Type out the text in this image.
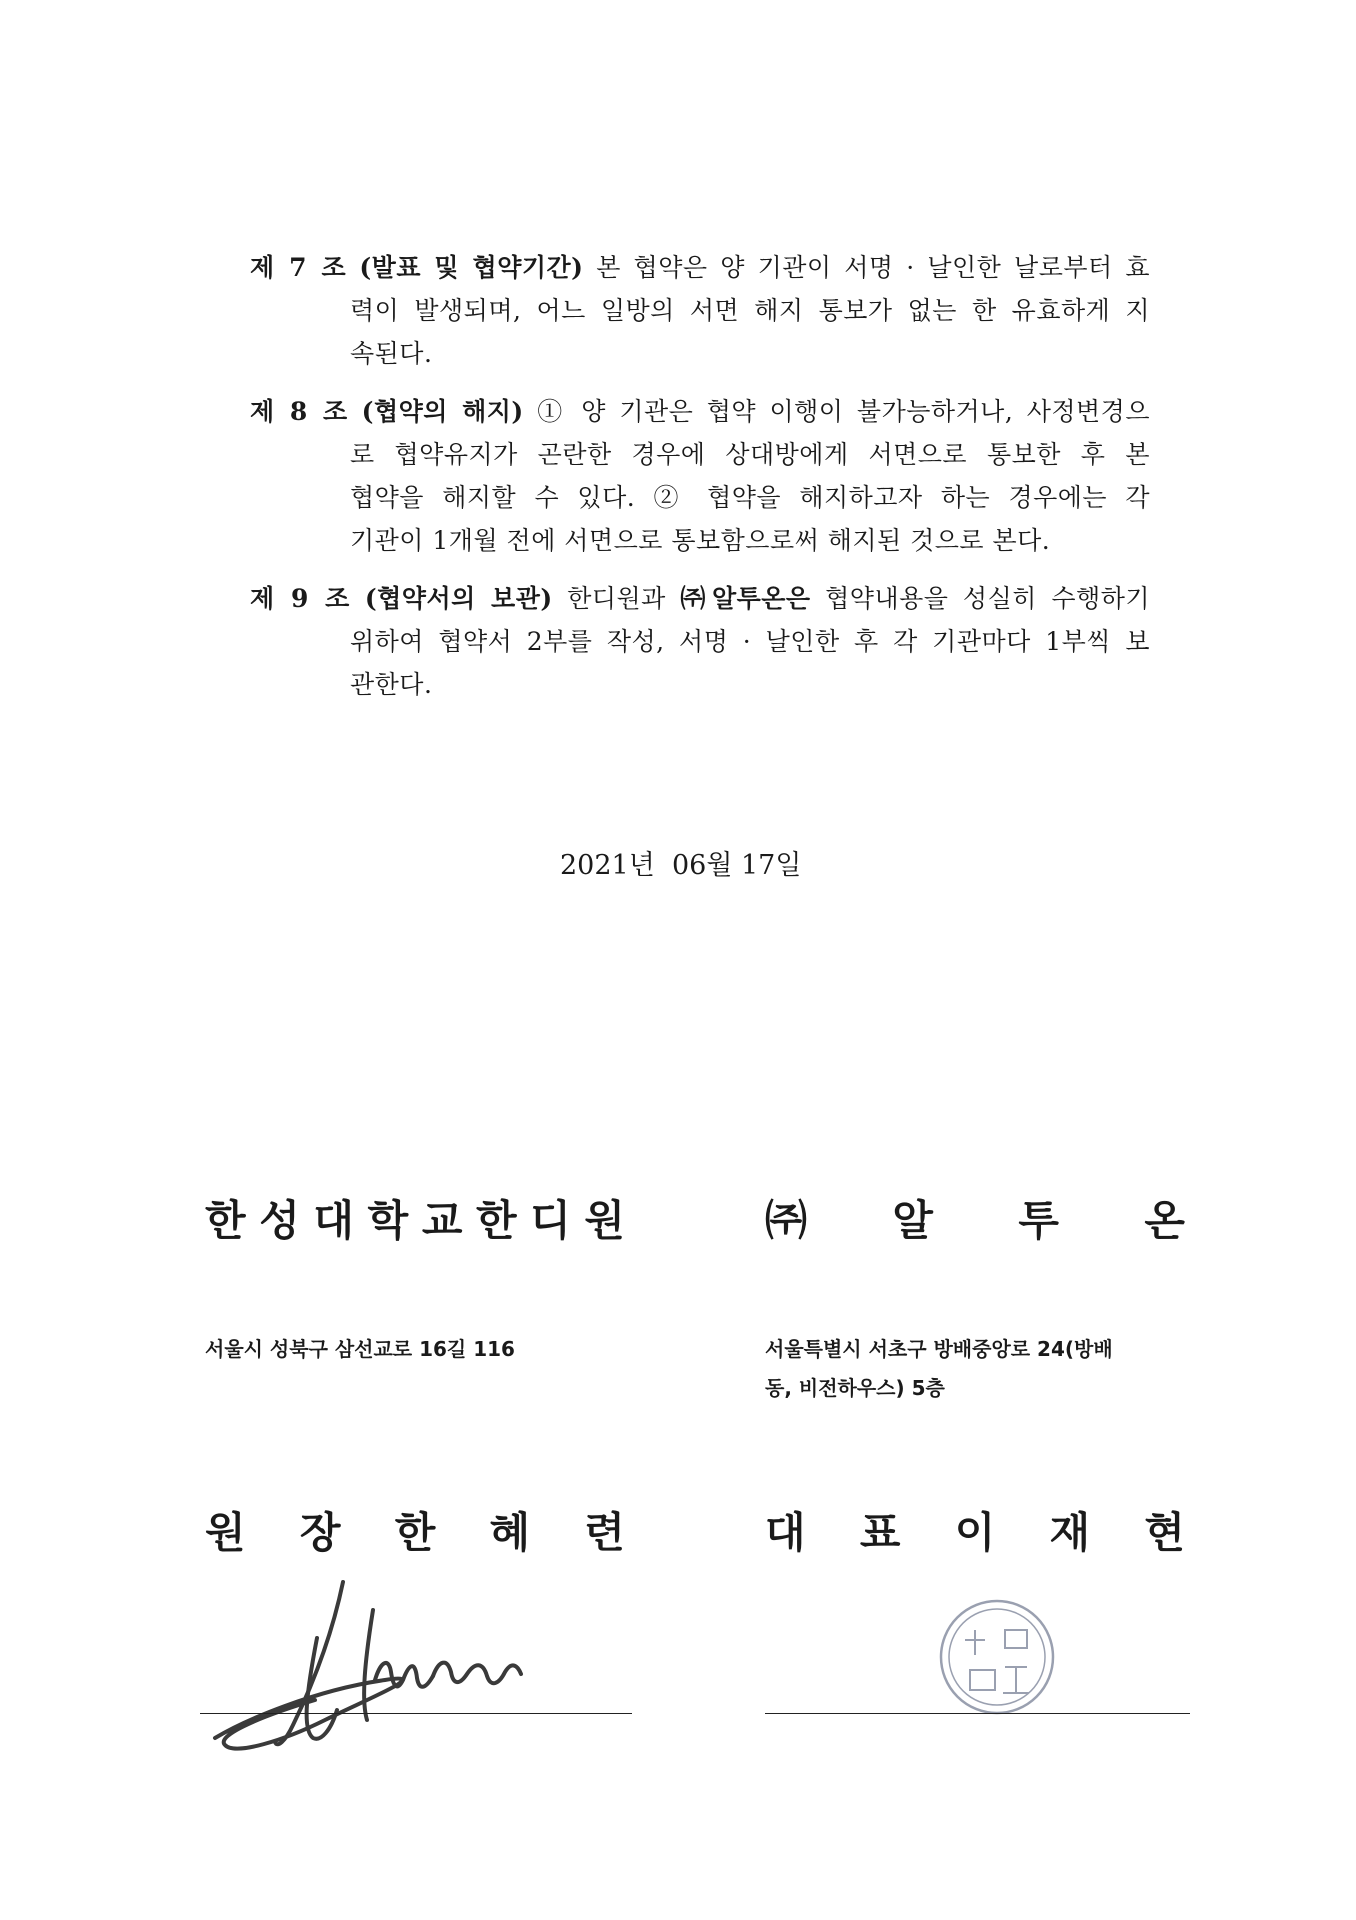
제 7 조 (발표 및 협약기간) 본 협약은 양 기관이 서명 · 날인한 날로부터 효
력이 발생되며, 어느 일방의 서면 해지 통보가 없는 한 유효하게 지
속된다.
제 8 조 (협약의 해지) ① 양 기관은 협약 이행이 불가능하거나, 사정변경으
로 협약유지가 곤란한 경우에 상대방에게 서면으로 통보한 후 본
협약을 해지할 수 있다. ② 협약을 해지하고자 하는 경우에는 각
기관이 1개월 전에 서면으로 통보함으로써 해지된 것으로 본다.
제 9 조 (협약서의 보관) 한디원과 ㈜알투온은 협약내용을 성실히 수행하기
위하여 협약서 2부를 작성, 서명 · 날인한 후 각 기관마다 1부씩 보
관한다.
2021년  06월 17일
한 성 대 학 교 한 디 원	㈜ 알 투 온
서울시 성북구 삼선교로 16길 116	서울특별시 서초구 방배중앙로 24(방배
동, 비전하우스) 5층
원 장 한 혜 련	대 표 이 재 현
